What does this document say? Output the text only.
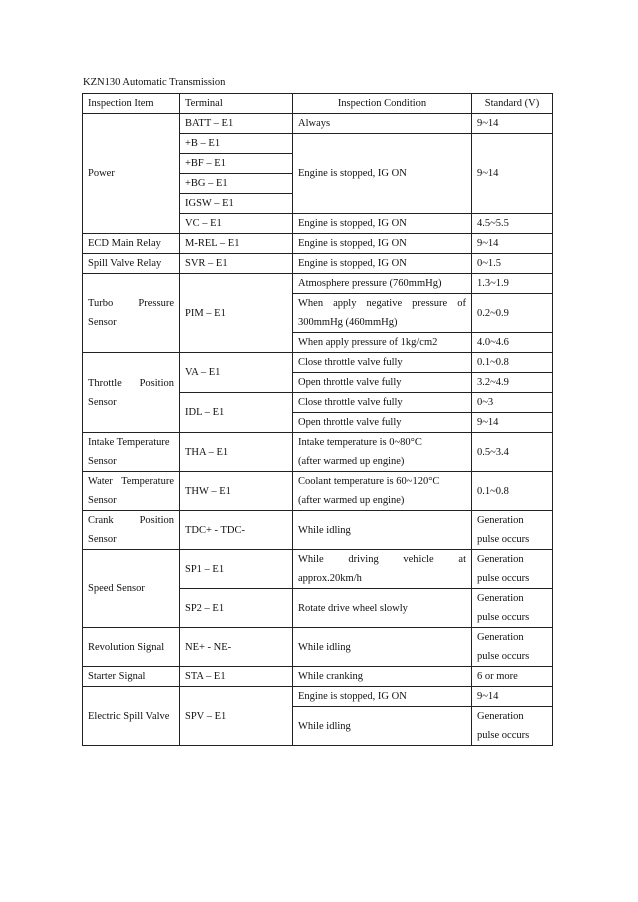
KZN130 Automatic Transmission
Inspection Item	Terminal	Inspection Condition	Standard (V)
Power	BATT – E1	Always	9~14
	+B – E1	Engine is stopped, IG ON	9~14
	+BF – E1		
	+BG – E1		
	IGSW – E1		
	VC – E1	Engine is stopped, IG ON	4.5~5.5
ECD Main Relay	M-REL – E1	Engine is stopped, IG ON	9~14
Spill Valve Relay	SVR – E1	Engine is stopped, IG ON	0~1.5

Turbo Pressure
Sensor	PIM – E1	Atmosphere pressure (760mmHg)	1.3~1.9

		When apply negative pressure of
300mmHg (460mmHg)	0.2~0.9
		When apply pressure of 1kg/cm2	4.0~4.6

Throttle Position
Sensor	VA – E1	Close throttle valve fully	0.1~0.8
		Open throttle valve fully	3.2~4.9
	IDL – E1	Close throttle valve fully	0~3
		Open throttle valve fully	9~14

Intake Temperature
Sensor	THA – E1	Intake temperature is 0~80°C
(after warmed up engine)	0.5~3.4

Water Temperature
Sensor	THW – E1	Coolant temperature is 60~120°C
(after warmed up engine)	0.1~0.8

Crank Position
Sensor	TDC+ - TDC-	While idling	Generation
pulse occurs

Speed Sensor	SP1 – E1	While driving vehicle at
approx.20km/h	Generation
pulse occurs

	SP2 – E1	Rotate drive wheel slowly	Generation
pulse occurs

Revolution Signal	NE+ - NE-	While idling	Generation
pulse occurs

Starter Signal	STA – E1	While cranking	6 or more
Electric Spill Valve	SPV – E1	Engine is stopped, IG ON	9~14
		While idling	Generation
pulse occurs
